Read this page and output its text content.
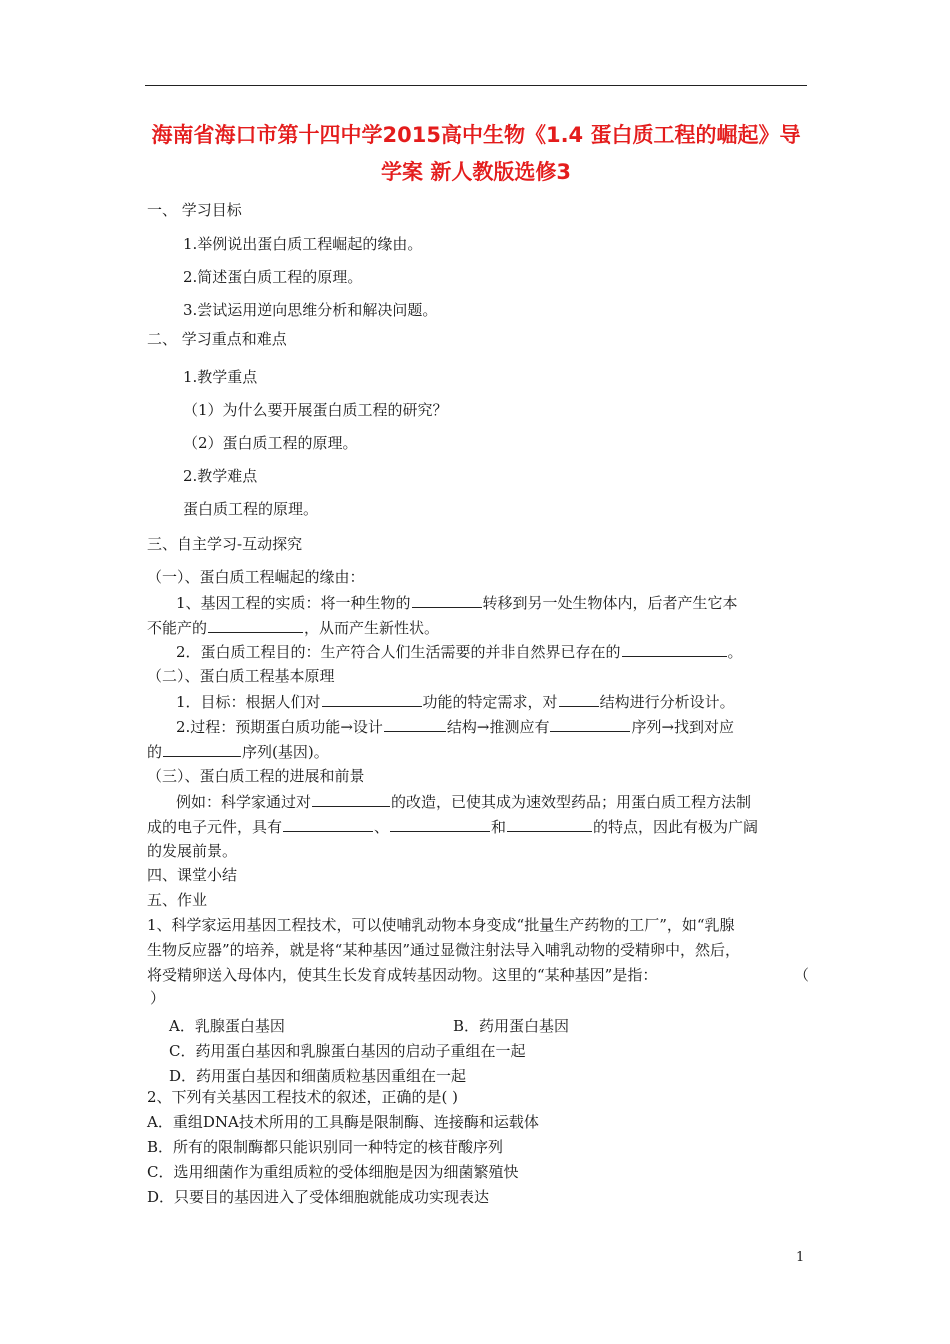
海南省海口市第十四中学2015高中生物《1.4 蛋白质工程的崛起》导
学案 新人教版选修3
一、 学习目标
1.举例说出蛋白质工程崛起的缘由。
2.简述蛋白质工程的原理。
3.尝试运用逆向思维分析和解决问题。
二、 学习重点和难点
1.教学重点
（1）为什么要开展蛋白质工程的研究？
（2）蛋白质工程的原理。
2.教学难点
蛋白质工程的原理。
三、自主学习-互动探究
（一）、蛋白质工程崛起的缘由：
1、基因工程的实质：将一种生物的	转移到另一处生物体内，后者产生它本
不能产的	，从而产生新性状。
2．蛋白质工程目的：生产符合人们生活需要的并非自然界已存在的	。
（二）、蛋白质工程基本原理
1．目标：根据人们对	功能的特定需求，对	结构进行分析设计。
2.过程：预期蛋白质功能→设计	结构→推测应有	序列→找到对应
的	序列(基因)。
（三）、蛋白质工程的进展和前景
例如：科学家通过对	的改造，已使其成为速效型药品；用蛋白质工程方法制
成的电子元件，具有	、	和	的特点，因此有极为广阔
的发展前景。
四、课堂小结
五、作业
1、科学家运用基因工程技术，可以使哺乳动物本身变成“批量生产药物的工厂”，如“乳腺
生物反应器”的培养，就是将“某种基因”通过显微注射法导入哺乳动物的受精卵中，然后，
将受精卵送入母体内，使其生长发育成转基因动物。这里的“某种基因”是指：	（
）
A．乳腺蛋白基因	B．药用蛋白基因
C．药用蛋白基因和乳腺蛋白基因的启动子重组在一起
D．药用蛋白基因和细菌质粒基因重组在一起
2、下列有关基因工程技术的叙述，正确的是( )
A．重组DNA技术所用的工具酶是限制酶、连接酶和运载体
B．所有的限制酶都只能识别同一种特定的核苷酸序列
C．选用细菌作为重组质粒的受体细胞是因为细菌繁殖快
D．只要目的基因进入了受体细胞就能成功实现表达
1
